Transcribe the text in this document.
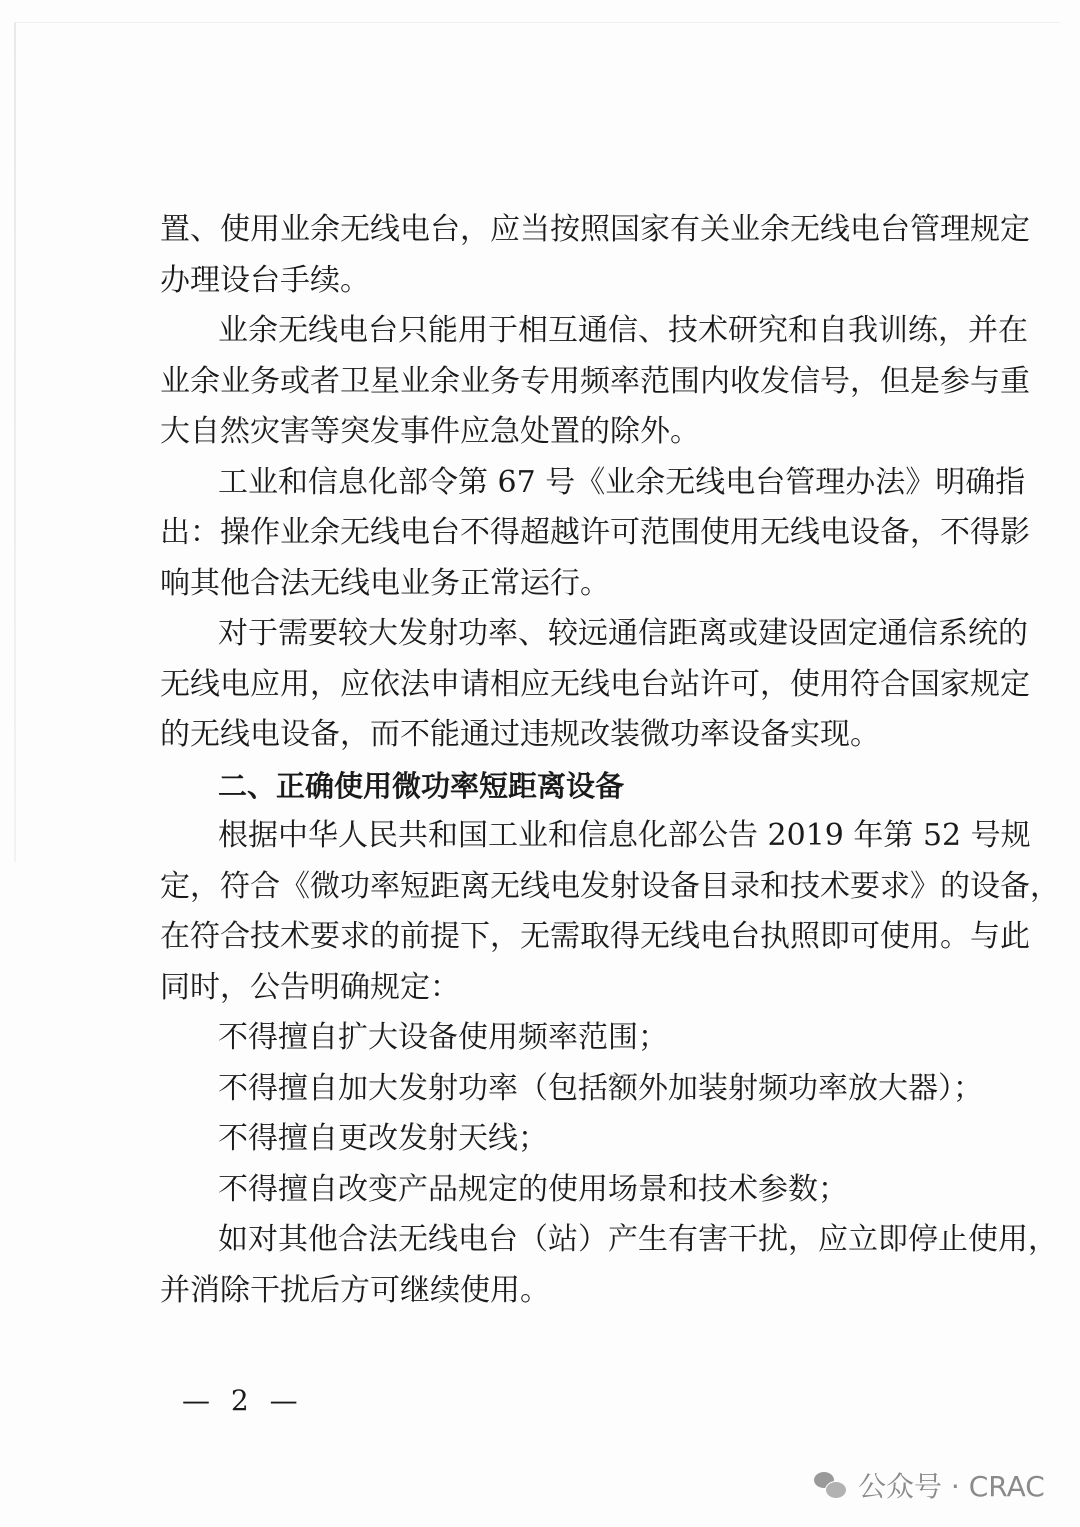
置、使用业余无线电台，应当按照国家有关业余无线电台管理规定
办理设台手续。
业余无线电台只能用于相互通信、技术研究和自我训练，并在
业余业务或者卫星业余业务专用频率范围内收发信号，但是参与重
大自然灾害等突发事件应急处置的除外。
工业和信息化部令第 67 号《业余无线电台管理办法》明确指
出：操作业余无线电台不得超越许可范围使用无线电设备，不得影
响其他合法无线电业务正常运行。
对于需要较大发射功率、较远通信距离或建设固定通信系统的
无线电应用，应依法申请相应无线电台站许可，使用符合国家规定
的无线电设备，而不能通过违规改装微功率设备实现。
二、正确使用微功率短距离设备
根据中华人民共和国工业和信息化部公告 2019 年第 52 号规
定，符合《微功率短距离无线电发射设备目录和技术要求》的设备，
在符合技术要求的前提下，无需取得无线电台执照即可使用。与此
同时，公告明确规定：
不得擅自扩大设备使用频率范围；
不得擅自加大发射功率（包括额外加装射频功率放大器）；
不得擅自更改发射天线；
不得擅自改变产品规定的使用场景和技术参数；
如对其他合法无线电台（站）产生有害干扰，应立即停止使用，
并消除干扰后方可继续使用。
— 2 —
公众号 · CRAC
